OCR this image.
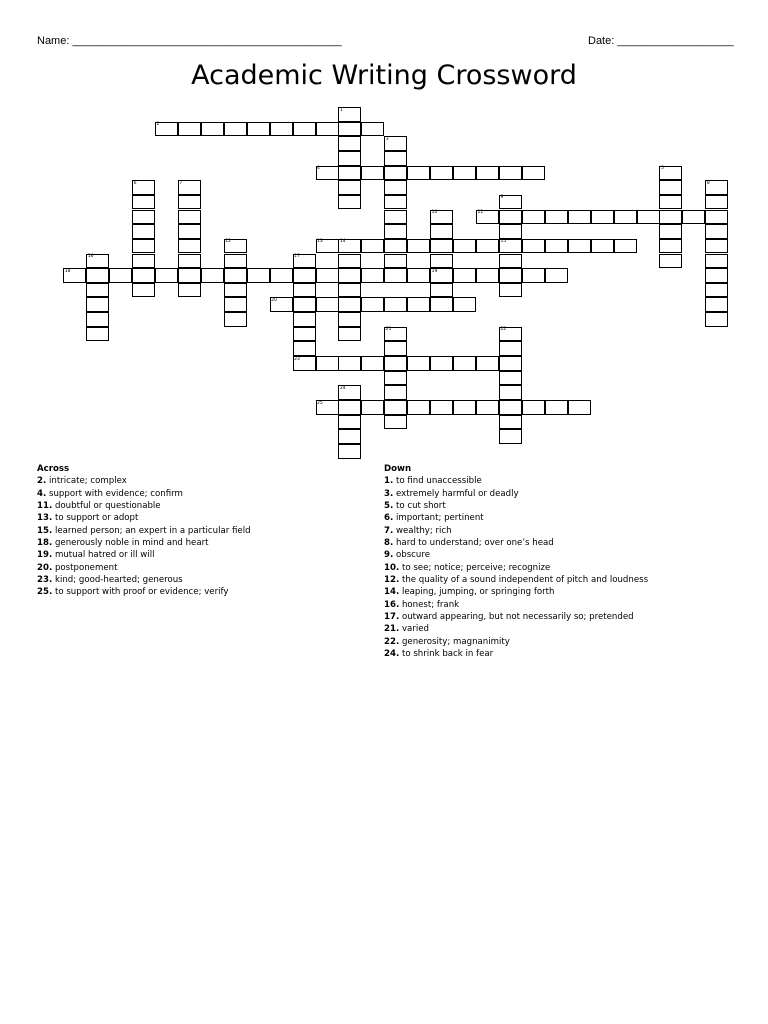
Name: ____________________________________________	Date: ___________________
Academic Writing Crossword
2
1
3
4	5
6	7	8
9
10	11
12	13	14	15
16	17
18	19
20
21	22
23
24
25
Across
2. intricate; complex
4. support with evidence; confirm
11. doubtful or questionable
13. to support or adopt
15. learned person; an expert in a particular field
18. generously noble in mind and heart
19. mutual hatred or ill will
20. postponement
23. kind; good-hearted; generous
25. to support with proof or evidence; verify
Down
1. to find unaccessible
3. extremely harmful or deadly
5. to cut short
6. important; pertinent
7. wealthy; rich
8. hard to understand; over one’s head
9. obscure
10. to see; notice; perceive; recognize
12. the quality of a sound independent of pitch and loudness
14. leaping, jumping, or springing forth
16. honest; frank
17. outward appearing, but not necessarily so; pretended
21. varied
22. generosity; magnanimity
24. to shrink back in fear
